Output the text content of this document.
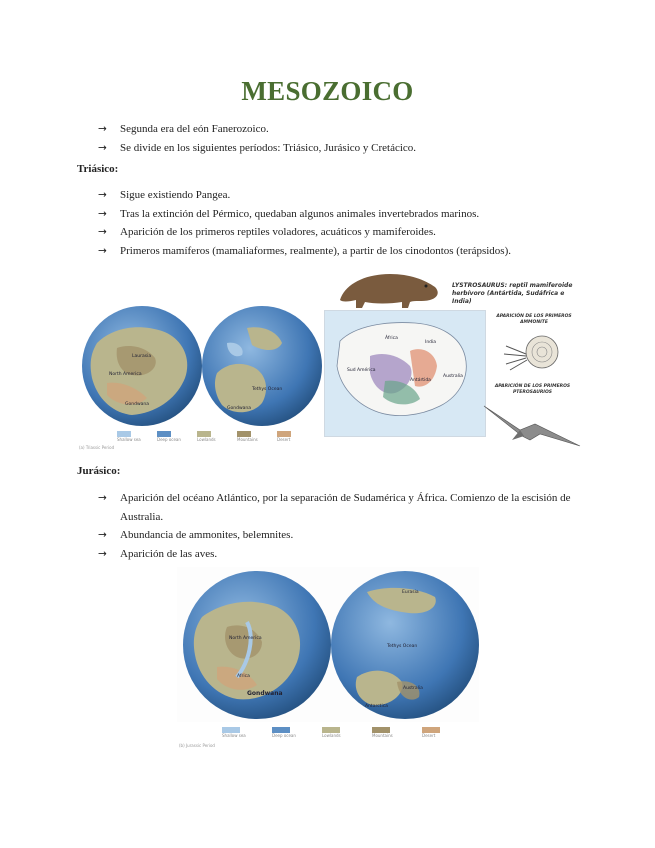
MESOZOICO
→ Segunda era del eón Fanerozoico.
→ Se divide en los siguientes períodos: Triásico, Jurásico y Cretácico.
Triásico:
→ Sigue existiendo Pangea.
→ Tras la extinción del Pérmico, quedaban algunos animales invertebrados marinos.
→ Aparición de los primeros reptiles voladores, acuáticos y mamiferoides.
→ Primeros mamíferos (mamaliaformes, realmente), a partir de los cinodontos (terápsidos).
Laurasia
North America
Gondwana
Gondwana
Tethys Ocean

Shallow sea	Deep ocean	Lowlands	Mountains	Desert
(a) Triassic Period
LYSTROSAURUS: reptil mamiferoide
herbívoro (Antártida, Sudáfrica e India)
África
India
Sud América
Antártida
Australia
APARICIÓN DE LOS PRIMEROS
AMMONITE
APARICIÓN DE LOS PRIMEROS
PTEROSAURIOS
Jurásico:
→ Aparición del océano Atlántico, por la separación de Sudamérica y África. Comienzo de la escisión de Australia.
→ Abundancia de ammonites, belemnites.
→ Aparición de las aves.
North America
Africa
Gondwana
Eurasia
Tethys Ocean
Australia
Antarctica

Shallow sea	Deep ocean	Lowlands	Mountains	Desert
(b) Jurassic Period
